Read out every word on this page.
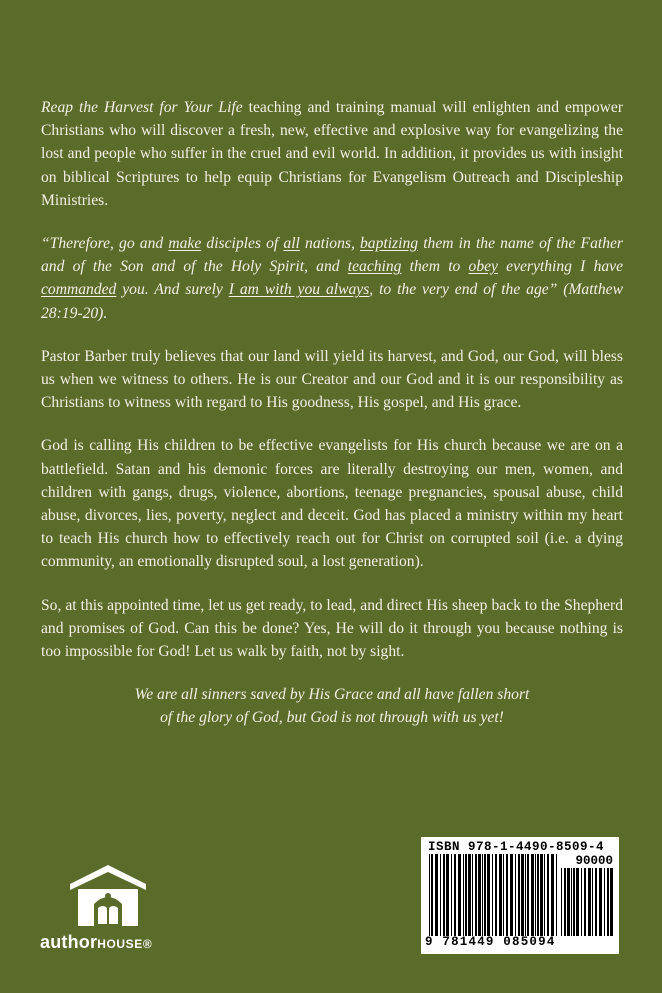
Reap the Harvest for Your Life teaching and training manual will enlighten and empower Christians who will discover a fresh, new, effective and explosive way for evangelizing the lost and people who suffer in the cruel and evil world. In addition, it provides us with insight on biblical Scriptures to help equip Christians for Evangelism Outreach and Discipleship Ministries.

“Therefore, go and make disciples of all nations, baptizing them in the name of the Father and of the Son and of the Holy Spirit, and teaching them to obey everything I have commanded you. And surely I am with you always, to the very end of the age” (Matthew 28:19-20).

Pastor Barber truly believes that our land will yield its harvest, and God, our God, will bless us when we witness to others. He is our Creator and our God and it is our responsibility as Christians to witness with regard to His goodness, His gospel, and His grace.

God is calling His children to be effective evangelists for His church because we are on a battlefield. Satan and his demonic forces are literally destroying our men, women, and children with gangs, drugs, violence, abortions, teenage pregnancies, spousal abuse, child abuse, divorces, lies, poverty, neglect and deceit. God has placed a ministry within my heart to teach His church how to effectively reach out for Christ on corrupted soil (i.e. a dying community, an emotionally disrupted soul, a lost generation).

So, at this appointed time, let us get ready, to lead, and direct His sheep back to the Shepherd and promises of God. Can this be done? Yes, He will do it through you because nothing is too impossible for God! Let us walk by faith, not by sight.

We are all sinners saved by His Grace and all have fallen short
of the glory of God, but God is not through with us yet!

authorHOUSE®
ISBN 978-1-4490-8509-4
90000
9 781449 085094
